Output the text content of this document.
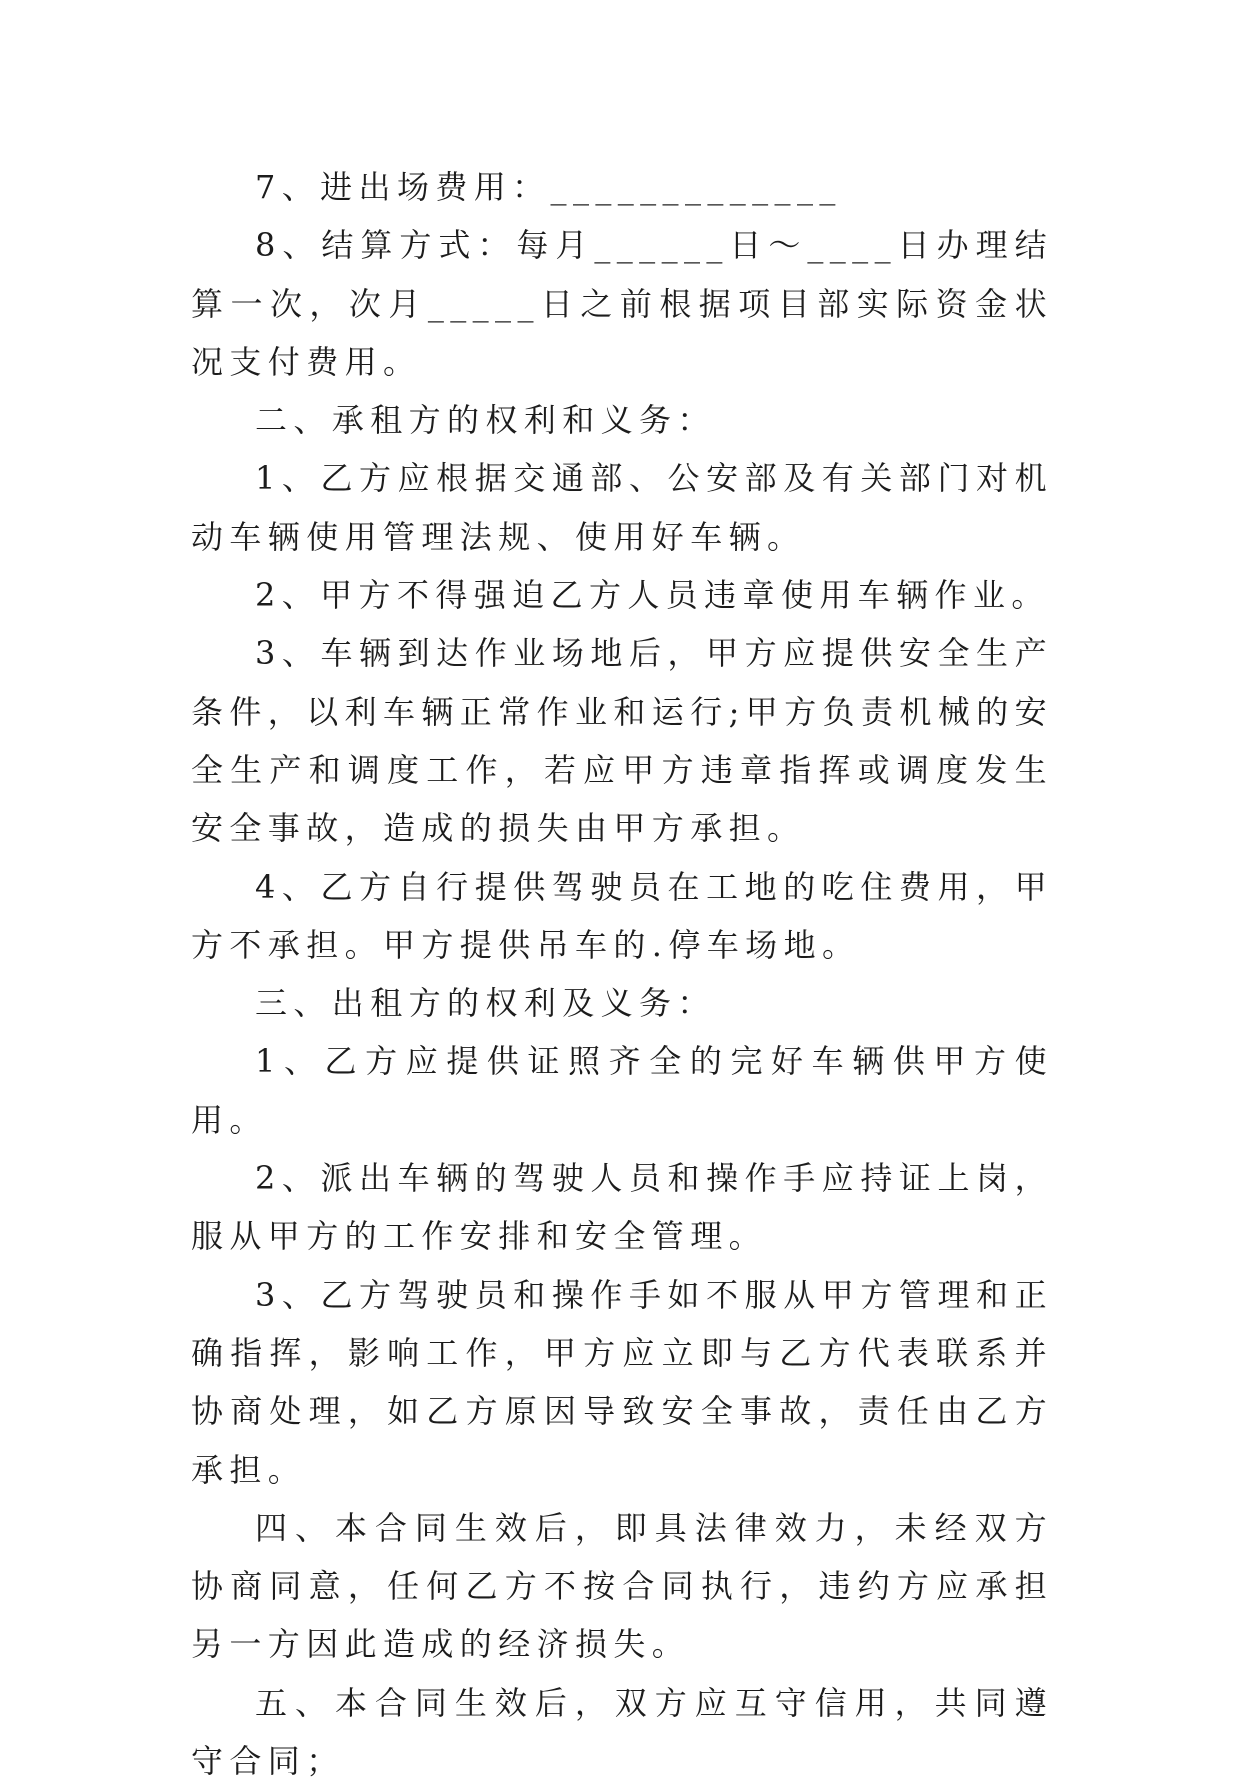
7、进出场费用：_____________

8、结算方式：每月______日～____日办理结算一次，次月_____日之前根据项目部实际资金状况支付费用。

二、承租方的权利和义务：

1、乙方应根据交通部、公安部及有关部门对机动车辆使用管理法规、使用好车辆。

2、甲方不得强迫乙方人员违章使用车辆作业。

3、车辆到达作业场地后，甲方应提供安全生产条件，以利车辆正常作业和运行;甲方负责机械的安全生产和调度工作，若应甲方违章指挥或调度发生安全事故，造成的损失由甲方承担。

4、乙方自行提供驾驶员在工地的吃住费用，甲方不承担。甲方提供吊车的.停车场地。

三、出租方的权利及义务：

1、乙方应提供证照齐全的完好车辆供甲方使用。

2、派出车辆的驾驶人员和操作手应持证上岗，服从甲方的工作安排和安全管理。

3、乙方驾驶员和操作手如不服从甲方管理和正确指挥，影响工作，甲方应立即与乙方代表联系并协商处理，如乙方原因导致安全事故，责任由乙方承担。

四、本合同生效后，即具法律效力，未经双方协商同意，任何乙方不按合同执行，违约方应承担另一方因此造成的经济损失。

五、本合同生效后，双方应互守信用，共同遵守合同；
